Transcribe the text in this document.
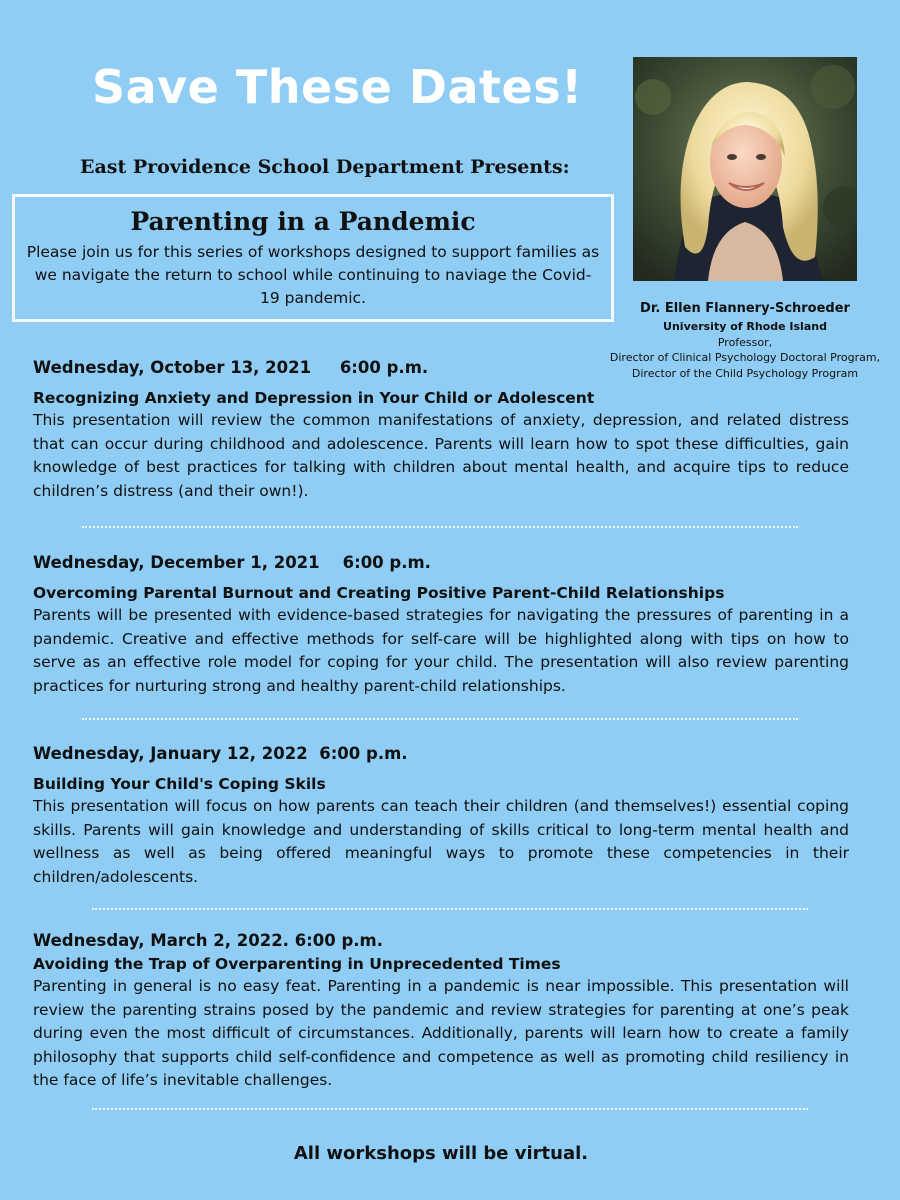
Save These Dates!
East Providence School Department Presents:
Parenting in a Pandemic
Please join us for this series of workshops designed to support families as we navigate the return to school while continuing to naviage the Covid-19 pandemic.
Dr. Ellen Flannery-Schroeder
University of Rhode Island
Professor,
Director of Clinical Psychology Doctoral Program,
Director of the Child Psychology Program
Wednesday, October 13, 2021     6:00 p.m.
Recognizing Anxiety and Depression in Your Child or Adolescent
This presentation will review the common manifestations of anxiety, depression, and related distress that can occur during childhood and adolescence. Parents will learn how to spot these difficulties, gain knowledge of best practices for talking with children about mental health, and acquire tips to reduce children’s distress (and their own!).
Wednesday, December 1, 2021    6:00 p.m.
Overcoming Parental Burnout and Creating Positive Parent-Child Relationships
Parents will be presented with evidence-based strategies for navigating the pressures of parenting in a pandemic. Creative and effective methods for self-care will be highlighted along with tips on how to serve as an effective role model for coping for your child. The presentation will also review parenting practices for nurturing strong and healthy parent-child relationships.
Wednesday, January 12, 2022  6:00 p.m.
Building Your Child's Coping Skils
This presentation will focus on how parents can teach their children (and themselves!) essential coping skills. Parents will gain knowledge and understanding of skills critical to long-term mental health and wellness as well as being offered meaningful ways to promote these competencies in their children/adolescents.
Wednesday, March 2, 2022. 6:00 p.m.
Avoiding the Trap of Overparenting in Unprecedented Times
Parenting in general is no easy feat. Parenting in a pandemic is near impossible. This presentation will review the parenting strains posed by the pandemic and review strategies for parenting at one’s peak during even the most difficult of circumstances. Additionally, parents will learn how to create a family philosophy that supports child self-confidence and competence as well as promoting child resiliency in the face of life’s inevitable challenges.
All workshops will be virtual.
